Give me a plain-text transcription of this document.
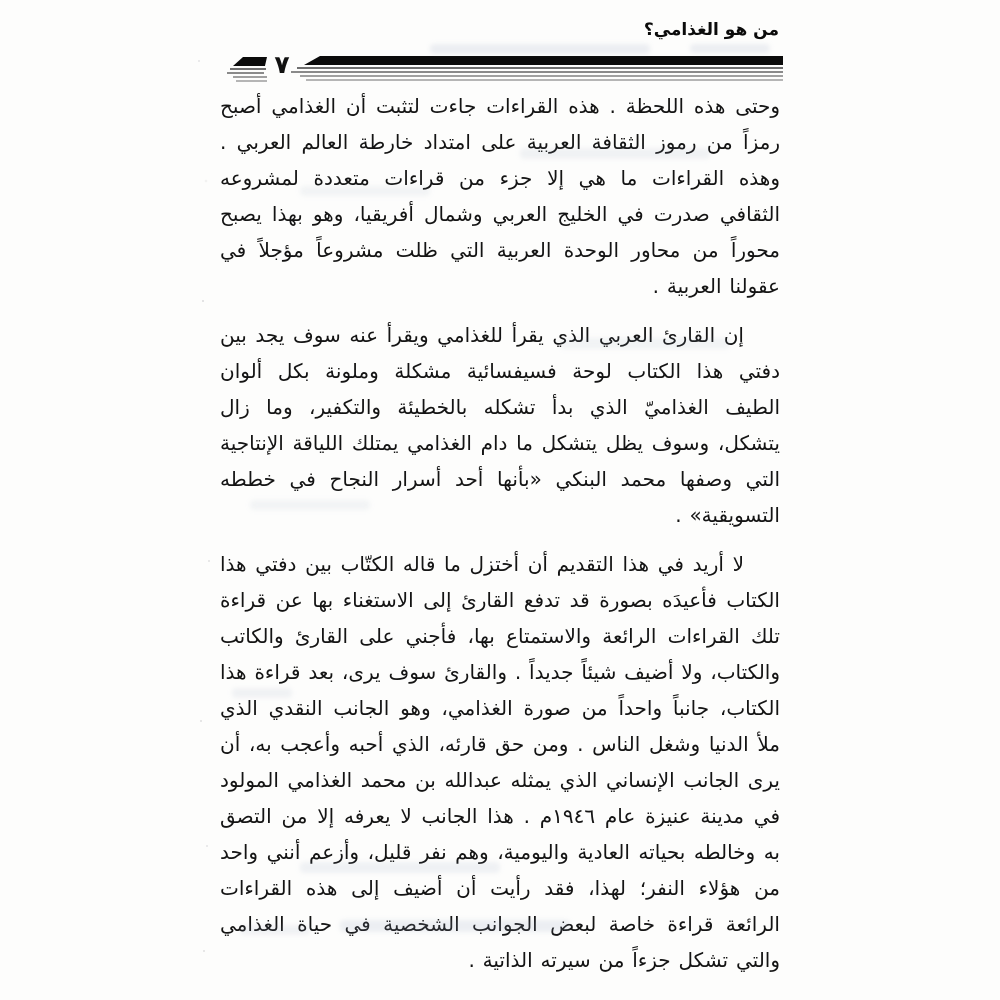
من هو الغذامي؟
٧

وحتى هذه اللحظة . هذه القراءات جاءت لتثبت أن الغذامي أصبح رمزاً من رموز الثقافة العربية على امتداد خارطة العالم العربي . وهذه القراءات ما هي إلا جزء من قراءات متعددة لمشروعه الثقافي صدرت في الخليج العربي وشمال أفريقيا، وهو بهذا يصبح محوراً من محاور الوحدة العربية التي ظلت مشروعاً مؤجلاً في عقولنا العربية .

إن القارئ العربي الذي يقرأ للغذامي ويقرأ عنه سوف يجد بين دفتي هذا الكتاب لوحة فسيفسائية مشكلة وملونة بكل ألوان الطيف الغذاميّ الذي بدأ تشكله بالخطيئة والتكفير، وما زال يتشكل، وسوف يظل يتشكل ما دام الغذامي يمتلك اللياقة الإنتاجية التي وصفها محمد البنكي «بأنها أحد أسرار النجاح في خططه التسويقية» .

لا أريد في هذا التقديم أن أختزل ما قاله الكتّاب بين دفتي هذا الكتاب فأعيدَه بصورة قد تدفع القارئ إلى الاستغناء بها عن قراءة تلك القراءات الرائعة والاستمتاع بها، فأجني على القارئ والكاتب والكتاب، ولا أضيف شيئاً جديداً . والقارئ سوف يرى، بعد قراءة هذا الكتاب، جانباً واحداً من صورة الغذامي، وهو الجانب النقدي الذي ملأ الدنيا وشغل الناس . ومن حق قارئه، الذي أحبه وأعجب به، أن يرى الجانب الإنساني الذي يمثله عبدالله بن محمد الغذامي المولود في مدينة عنيزة عام ١٩٤٦م . هذا الجانب لا يعرفه إلا من التصق به وخالطه بحياته العادية واليومية، وهم نفر قليل، وأزعم أنني واحد من هؤلاء النفر؛ لهذا، فقد رأيت أن أضيف إلى هذه القراءات الرائعة قراءة خاصة لبعض الجوانب الشخصية في حياة الغذامي والتي تشكل جزءاً من سيرته الذاتية .
